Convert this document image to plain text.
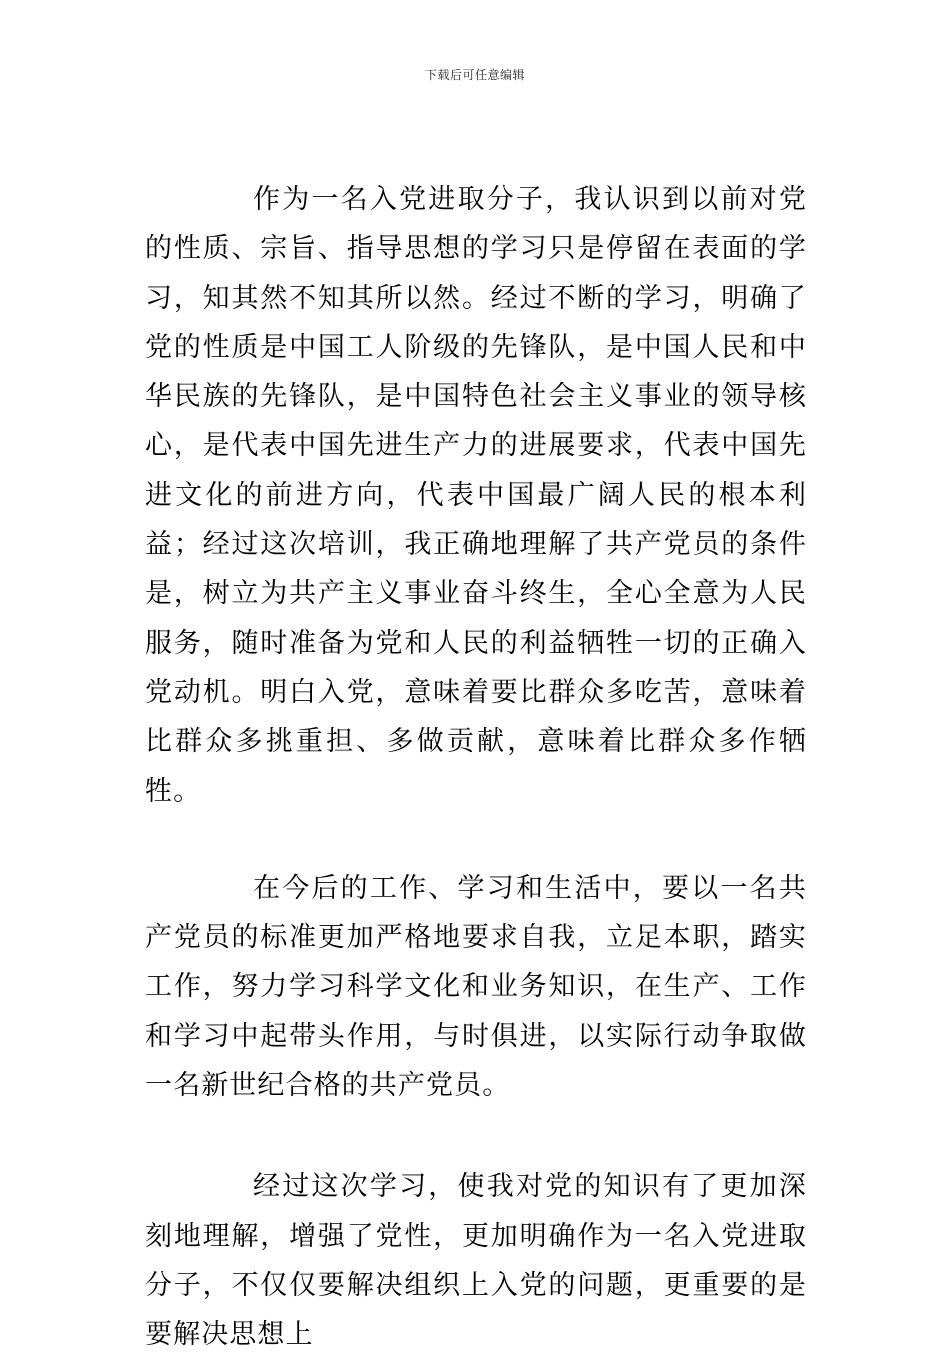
下载后可任意编辑

作为一名入党进取分子，我认识到以前对党的性质、宗旨、指导思想的学习只是停留在表面的学习，知其然不知其所以然。经过不断的学习，明确了党的性质是中国工人阶级的先锋队，是中国人民和中华民族的先锋队，是中国特色社会主义事业的领导核心，是代表中国先进生产力的进展要求，代表中国先进文化的前进方向，代表中国最广阔人民的根本利益；经过这次培训，我正确地理解了共产党员的条件是，树立为共产主义事业奋斗终生，全心全意为人民服务，随时准备为党和人民的利益牺牲一切的正确入党动机。明白入党，意味着要比群众多吃苦，意味着比群众多挑重担、多做贡献，意味着比群众多作牺牲。

在今后的工作、学习和生活中，要以一名共产党员的标准更加严格地要求自我，立足本职，踏实工作，努力学习科学文化和业务知识，在生产、工作和学习中起带头作用，与时俱进，以实际行动争取做一名新世纪合格的共产党员。

经过这次学习，使我对党的知识有了更加深刻地理解，增强了党性，更加明确作为一名入党进取分子，不仅仅要解决组织上入党的问题，更重要的是要解决思想上
